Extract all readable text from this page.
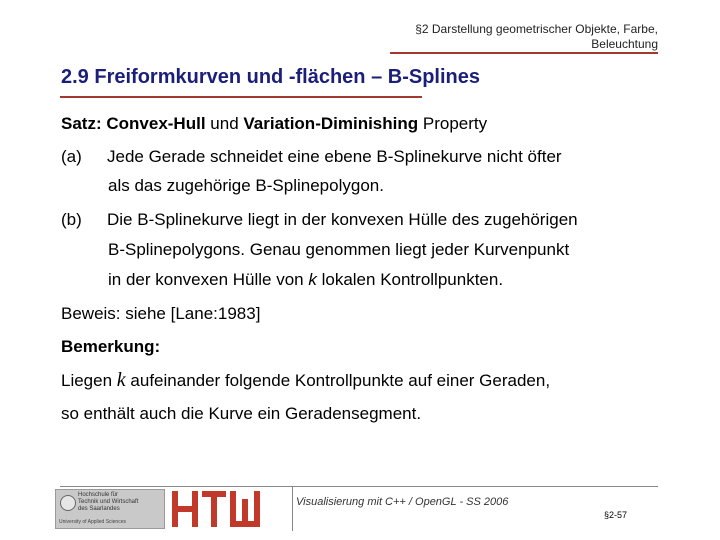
§2 Darstellung geometrischer Objekte, Farbe,
Beleuchtung
2.9 Freiformkurven und -flächen – B-Splines
Satz: Convex-Hull und Variation-Diminishing Property
(a) Jede Gerade schneidet eine ebene B-Splinekurve nicht öfter
als das zugehörige B-Splinepolygon.
(b) Die B-Splinekurve liegt in der konvexen Hülle des zugehörigen
B-Splinepolygons. Genau genommen liegt jeder Kurvenpunkt
in der konvexen Hülle von k lokalen Kontrollpunkten.
Beweis: siehe [Lane:1983]
Bemerkung:
Liegen k aufeinander folgende Kontrollpunkte auf einer Geraden,
so enthält auch die Kurve ein Geradensegment.
Hochschule für
Technik und Wirtschaft
des Saarlandes
University of Applied Sciences
Visualisierung mit C++ / OpenGL - SS 2006
§2-57
